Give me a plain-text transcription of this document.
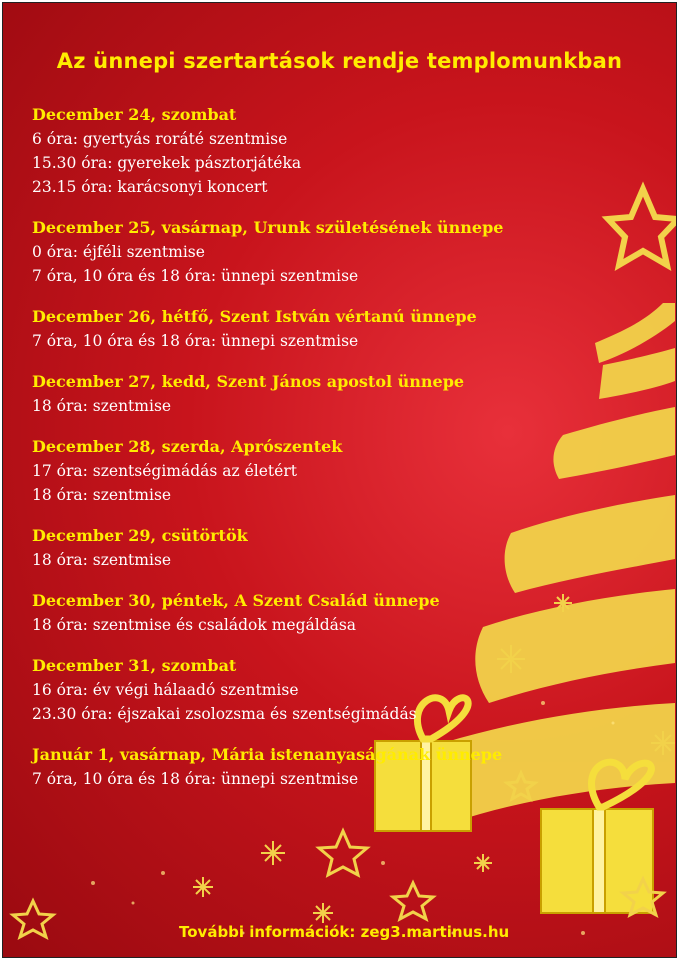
Az ünnepi szertartások rendje templomunkban
December 24, szombat
6 óra: gyertyás roráté szentmise
15.30 óra: gyerekek pásztorjátéka
23.15 óra: karácsonyi koncert
December 25, vasárnap, Urunk születésének ünnepe
0 óra: éjféli szentmise
7 óra, 10 óra és 18 óra: ünnepi szentmise
December 26, hétfő, Szent István vértanú ünnepe
7 óra, 10 óra és 18 óra: ünnepi szentmise
December 27, kedd, Szent János apostol ünnepe
18 óra: szentmise
December 28, szerda, Aprószentek
17 óra: szentségimádás az életért
18 óra: szentmise
December 29, csütörtök
18 óra: szentmise
December 30, péntek, A Szent Család ünnepe
18 óra: szentmise és családok megáldása
December 31, szombat
16 óra: év végi hálaadó szentmise
23.30 óra: éjszakai zsolozsma és szentségimádás
Január 1, vasárnap, Mária istenanyaságának ünnepe
7 óra, 10 óra és 18 óra: ünnepi szentmise
További információk: zeg3.martinus.hu
